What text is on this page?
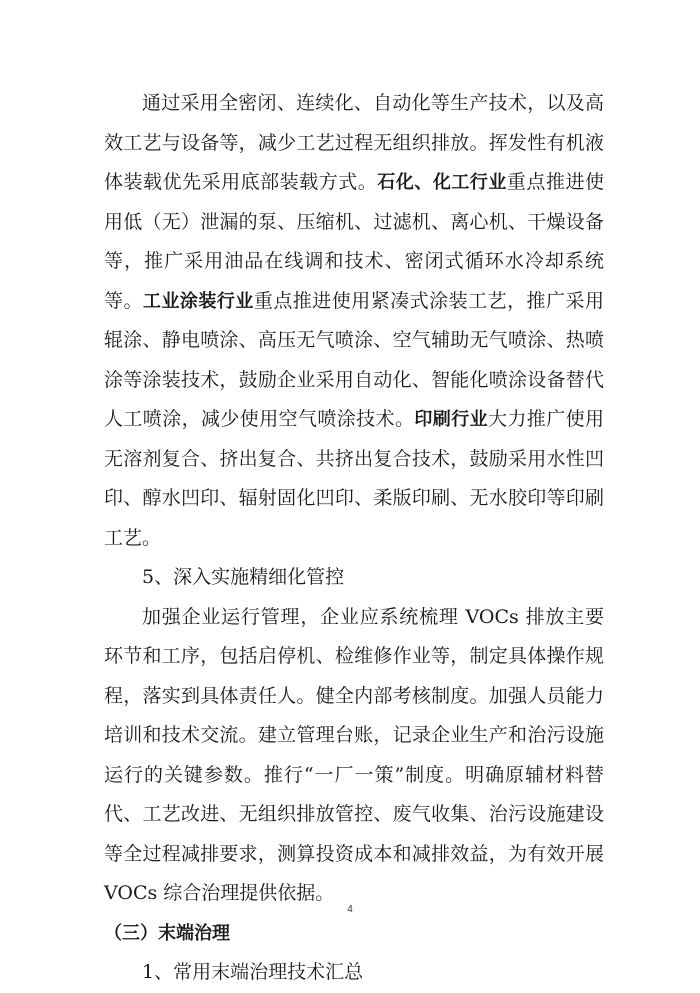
通过采用全密闭、连续化、自动化等生产技术，以及高效工艺与设备等，减少工艺过程无组织排放。挥发性有机液体装载优先采用底部装载方式。石化、化工行业重点推进使用低（无）泄漏的泵、压缩机、过滤机、离心机、干燥设备等，推广采用油品在线调和技术、密闭式循环水冷却系统等。工业涂装行业重点推进使用紧凑式涂装工艺，推广采用辊涂、静电喷涂、高压无气喷涂、空气辅助无气喷涂、热喷涂等涂装技术，鼓励企业采用自动化、智能化喷涂设备替代人工喷涂，减少使用空气喷涂技术。印刷行业大力推广使用无溶剂复合、挤出复合、共挤出复合技术，鼓励采用水性凹印、醇水凹印、辐射固化凹印、柔版印刷、无水胶印等印刷工艺。

5、深入实施精细化管控

加强企业运行管理，企业应系统梳理 VOCs 排放主要环节和工序，包括启停机、检维修作业等，制定具体操作规程，落实到具体责任人。健全内部考核制度。加强人员能力培训和技术交流。建立管理台账，记录企业生产和治污设施运行的关键参数。推行“一厂一策”制度。明确原辅材料替代、工艺改进、无组织排放管控、废气收集、治污设施建设等全过程减排要求，测算投资成本和减排效益，为有效开展 VOCs 综合治理提供依据。

（三）末端治理

1、常用末端治理技术汇总

4
